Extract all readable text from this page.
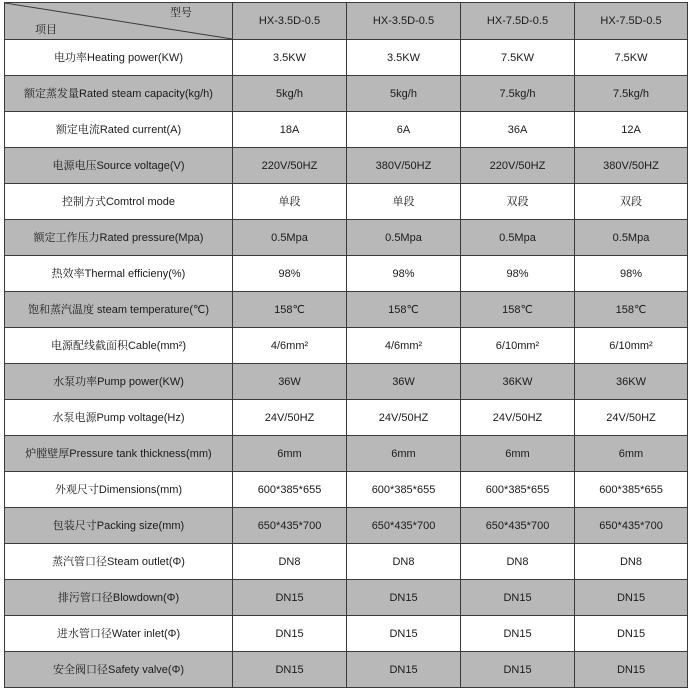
型号
项目	HX-3.5D-0.5	HX-3.5D-0.5	HX-7.5D-0.5	HX-7.5D-0.5
电功率Heating power(KW)	3.5KW	3.5KW	7.5KW	7.5KW
额定蒸发量Rated steam capacity(kg/h)	5kg/h	5kg/h	7.5kg/h	7.5kg/h
额定电流Rated current(A)	18A	6A	36A	12A
电源电压Source voltage(V)	220V/50HZ	380V/50HZ	220V/50HZ	380V/50HZ
控制方式Comtrol mode	单段	单段	双段	双段
额定工作压力Rated pressure(Mpa)	0.5Mpa	0.5Mpa	0.5Mpa	0.5Mpa
热效率Thermal efficieny(%)	98%	98%	98%	98%
饱和蒸汽温度 steam temperature(℃)	158℃	158℃	158℃	158℃
电源配线截面积Cable(mm²)	4/6mm²	4/6mm²	6/10mm²	6/10mm²
水泵功率Pump power(KW)	36W	36W	36KW	36KW
水泵电源Pump voltage(Hz)	24V/50HZ	24V/50HZ	24V/50HZ	24V/50HZ
炉膛壁厚Pressure tank thickness(mm)	6mm	6mm	6mm	6mm
外观尺寸Dimensions(mm)	600*385*655	600*385*655	600*385*655	600*385*655
包装尺寸Packing size(mm)	650*435*700	650*435*700	650*435*700	650*435*700
蒸汽管口径Steam outlet(Φ)	DN8	DN8	DN8	DN8
排污管口径Blowdown(Φ)	DN15	DN15	DN15	DN15
进水管口径Water inlet(Φ)	DN15	DN15	DN15	DN15
安全阀口径Safety valve(Φ)	DN15	DN15	DN15	DN15
